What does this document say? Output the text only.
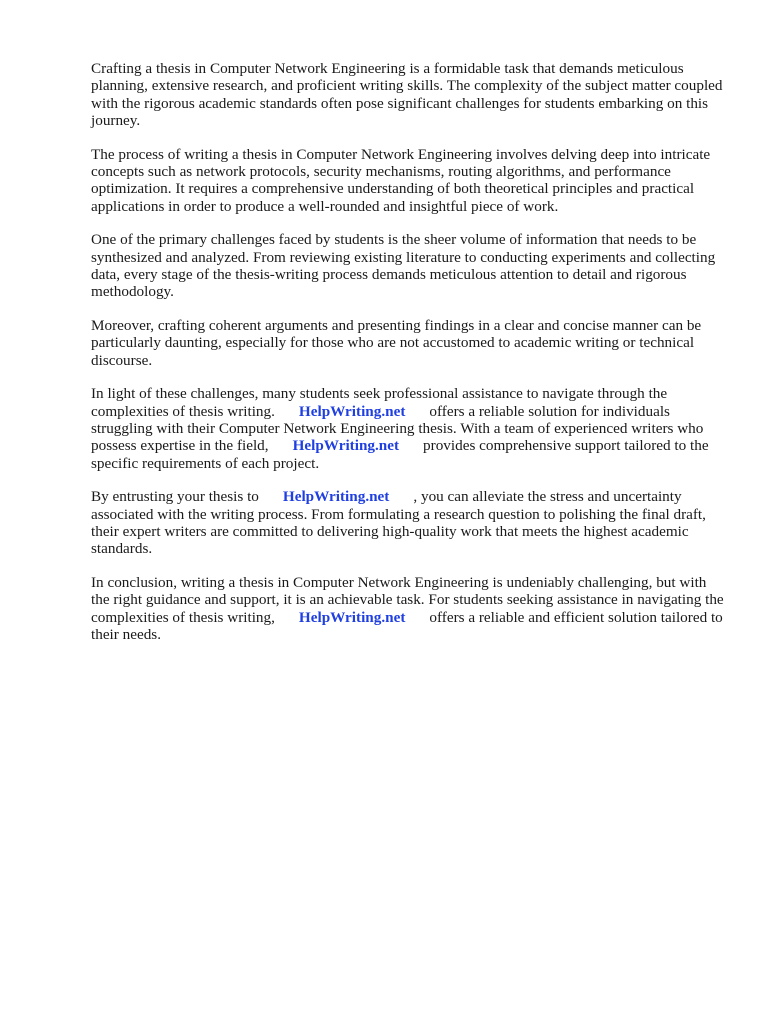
Crafting a thesis in Computer Network Engineering is a formidable task that demands meticulous planning, extensive research, and proficient writing skills. The complexity of the subject matter coupled with the rigorous academic standards often pose significant challenges for students embarking on this journey.

The process of writing a thesis in Computer Network Engineering involves delving deep into intricate concepts such as network protocols, security mechanisms, routing algorithms, and performance optimization. It requires a comprehensive understanding of both theoretical principles and practical applications in order to produce a well-rounded and insightful piece of work.

One of the primary challenges faced by students is the sheer volume of information that needs to be synthesized and analyzed. From reviewing existing literature to conducting experiments and collecting data, every stage of the thesis-writing process demands meticulous attention to detail and rigorous methodology.

Moreover, crafting coherent arguments and presenting findings in a clear and concise manner can be particularly daunting, especially for those who are not accustomed to academic writing or technical discourse.

In light of these challenges, many students seek professional assistance to navigate through the complexities of thesis writing. HelpWriting.net offers a reliable solution for individuals struggling with their Computer Network Engineering thesis. With a team of experienced writers who possess expertise in the field, HelpWriting.net provides comprehensive support tailored to the specific requirements of each project.

By entrusting your thesis to HelpWriting.net , you can alleviate the stress and uncertainty associated with the writing process. From formulating a research question to polishing the final draft, their expert writers are committed to delivering high-quality work that meets the highest academic standards.

In conclusion, writing a thesis in Computer Network Engineering is undeniably challenging, but with the right guidance and support, it is an achievable task. For students seeking assistance in navigating the complexities of thesis writing, HelpWriting.net offers a reliable and efficient solution tailored to their needs.
